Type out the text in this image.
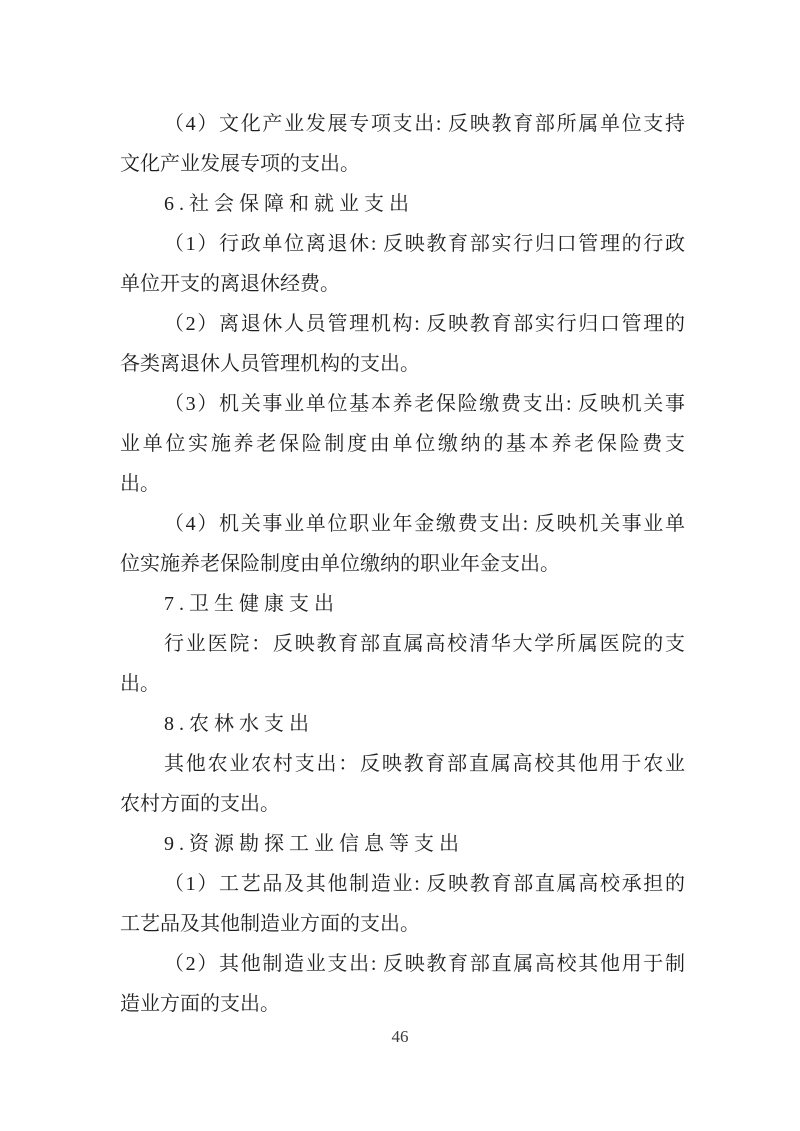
（4）文化产业发展专项支出: 反映教育部所属单位支持
文化产业发展专项的支出。
6.社会保障和就业支出
（1）行政单位离退休: 反映教育部实行归口管理的行政
单位开支的离退休经费。
（2）离退休人员管理机构: 反映教育部实行归口管理的
各类离退休人员管理机构的支出。
（3）机关事业单位基本养老保险缴费支出: 反映机关事
业单位实施养老保险制度由单位缴纳的基本养老保险费支
出。
（4）机关事业单位职业年金缴费支出: 反映机关事业单
位实施养老保险制度由单位缴纳的职业年金支出。
7.卫生健康支出
行业医院：反映教育部直属高校清华大学所属医院的支
出。
8.农林水支出
其他农业农村支出：反映教育部直属高校其他用于农业
农村方面的支出。
9.资源勘探工业信息等支出
（1）工艺品及其他制造业: 反映教育部直属高校承担的
工艺品及其他制造业方面的支出。
（2）其他制造业支出: 反映教育部直属高校其他用于制
造业方面的支出。
46
